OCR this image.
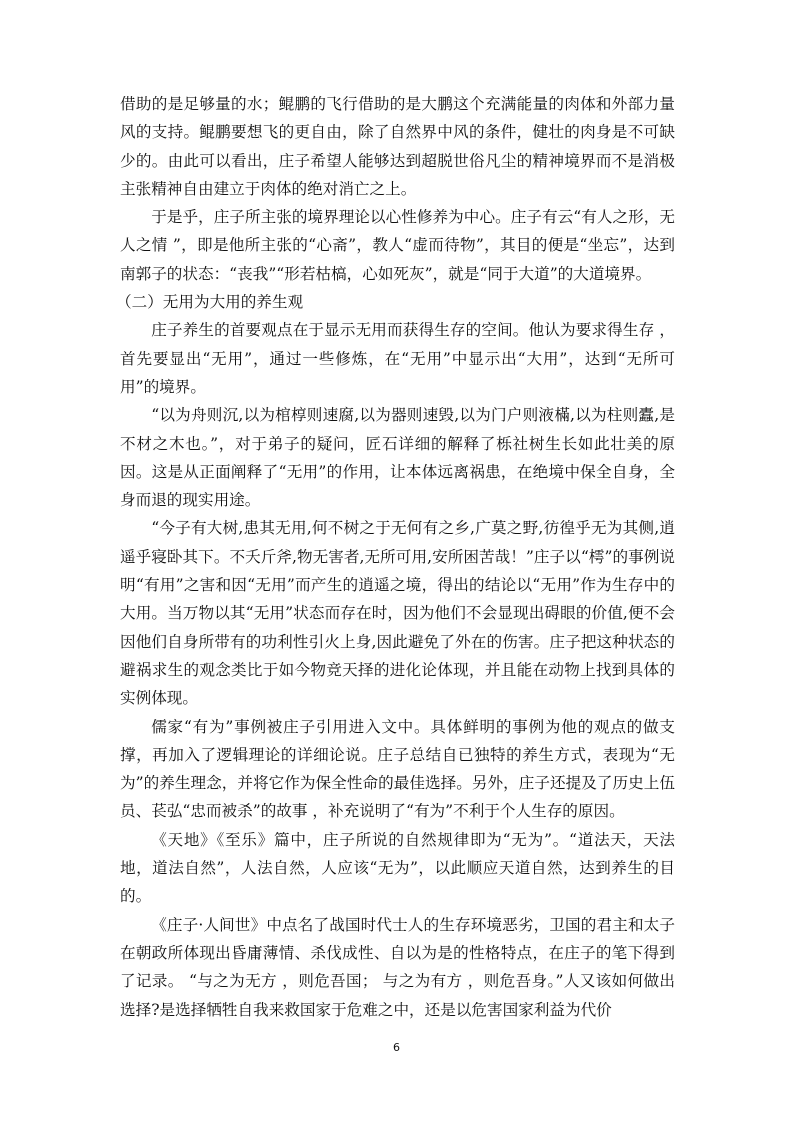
借助的是足够量的水；鲲鹏的飞行借助的是大鹏这个充满能量的肉体和外部力量风的支持。鲲鹏要想飞的更自由，除了自然界中风的条件，健壮的肉身是不可缺少的。由此可以看出，庄子希望人能够达到超脱世俗凡尘的精神境界而不是消极主张精神自由建立于肉体的绝对消亡之上。

于是乎，庄子所主张的境界理论以心性修养为中心。庄子有云“有人之形，无人之情 ”，即是他所主张的“心斋”，教人“虚而待物”，其目的便是“坐忘”，达到南郭子的状态：“丧我”“形若枯槁，心如死灰”，就是“同于大道”的大道境界。

（二）无用为大用的养生观

庄子养生的首要观点在于显示无用而获得生存的空间。他认为要求得生存 ，首先要显出“无用”，通过一些修炼，在“无用”中显示出“大用”，达到“无所可用”的境界。

“以为舟则沉,以为棺椁则速腐,以为器则速毁,以为门户则液樠,以为柱则蠹,是不材之木也。”，对于弟子的疑问，匠石详细的解释了栎社树生长如此壮美的原因。这是从正面阐释了“无用”的作用，让本体远离祸患，在绝境中保全自身，全身而退的现实用途。

“今子有大树,患其无用,何不树之于无何有之乡,广莫之野,彷徨乎无为其侧,逍遥乎寝卧其下。不夭斤斧,物无害者,无所可用,安所困苦哉！”庄子以“樗”的事例说明“有用”之害和因“无用”而产生的逍遥之境，得出的结论以“无用”作为生存中的大用。当万物以其“无用”状态而存在时，因为他们不会显现出碍眼的价值,便不会因他们自身所带有的功利性引火上身,因此避免了外在的伤害。庄子把这种状态的避祸求生的观念类比于如今物竞天择的进化论体现，并且能在动物上找到具体的实例体现。

儒家“有为”事例被庄子引用进入文中。具体鲜明的事例为他的观点的做支撑，再加入了逻辑理论的详细论说。庄子总结自已独特的养生方式，表现为“无为”的养生理念，并将它作为保全性命的最佳选择。另外，庄子还提及了历史上伍员、苌弘“忠而被杀”的故事 ，补充说明了“有为”不利于个人生存的原因。

《天地》《至乐》篇中，庄子所说的自然规律即为“无为”。“道法天，天法地，道法自然”，人法自然，人应该“无为”，以此顺应天道自然，达到养生的目的。

《庄子·人间世》中点名了战国时代士人的生存环境恶劣，卫国的君主和太子在朝政所体现出昏庸薄情、杀伐成性、自以为是的性格特点，在庄子的笔下得到了记录。 “与之为无方 ，则危吾国； 与之为有方 ，则危吾身。”人又该如何做出选择?是选择牺牲自我来救国家于危难之中，还是以危害国家利益为代价

6
